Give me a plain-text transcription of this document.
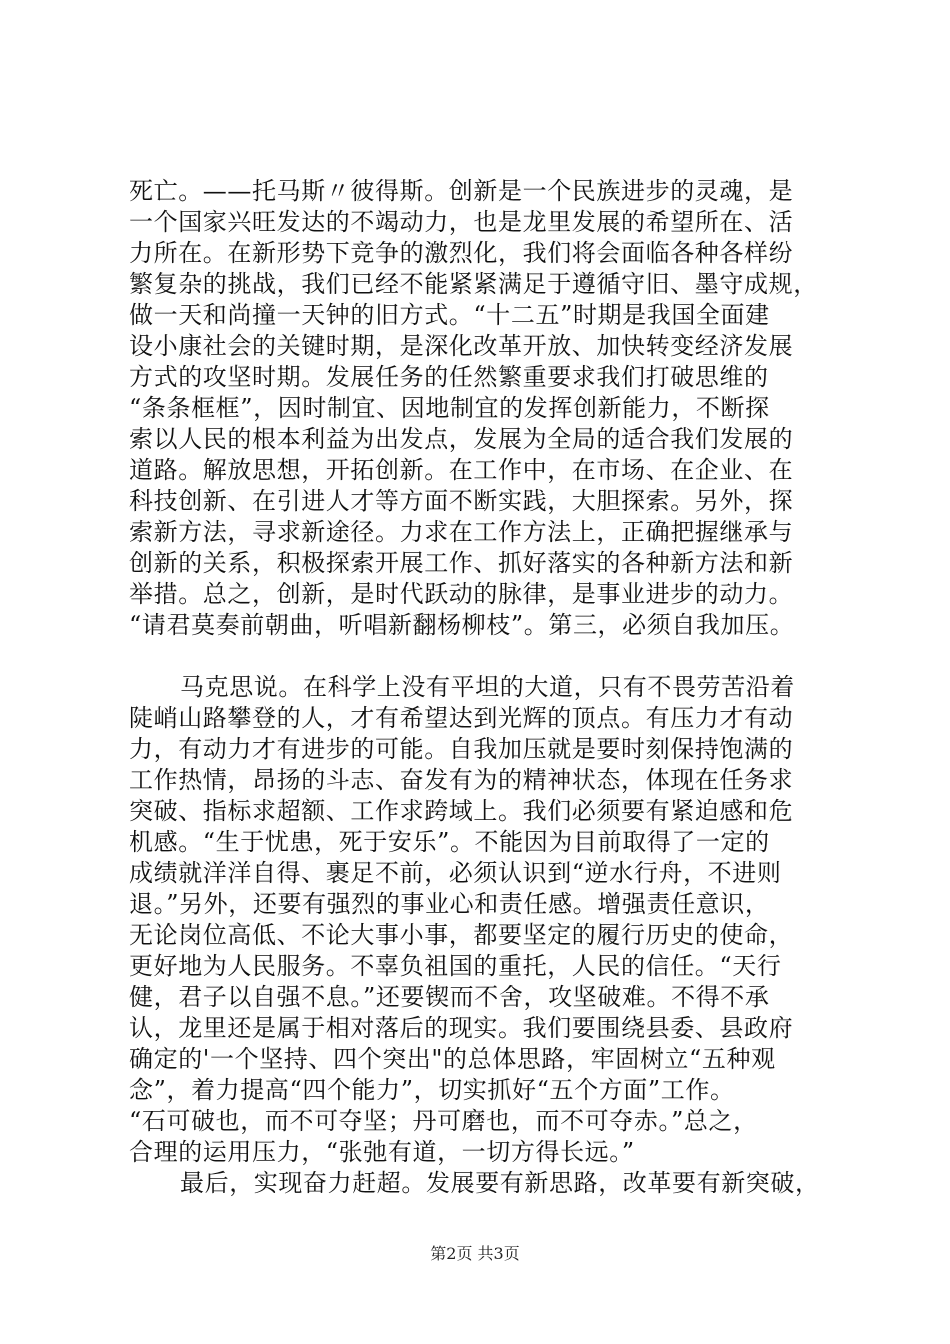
死亡。——托马斯〃彼得斯。创新是一个民族进步的灵魂，是
一个国家兴旺发达的不竭动力，也是龙里发展的希望所在、活
力所在。在新形势下竞争的激烈化，我们将会面临各种各样纷
繁复杂的挑战，我们已经不能紧紧满足于遵循守旧、墨守成规，
做一天和尚撞一天钟的旧方式。“十二五”时期是我国全面建
设小康社会的关键时期，是深化改革开放、加快转变经济发展
方式的攻坚时期。发展任务的任然繁重要求我们打破思维的
“条条框框”，因时制宜、因地制宜的发挥创新能力，不断探
索以人民的根本利益为出发点，发展为全局的适合我们发展的
道路。解放思想，开拓创新。在工作中，在市场、在企业、在
科技创新、在引进人才等方面不断实践，大胆探索。另外，探
索新方法，寻求新途径。力求在工作方法上，正确把握继承与
创新的关系，积极探索开展工作、抓好落实的各种新方法和新
举措。总之，创新，是时代跃动的脉律，是事业进步的动力。
“请君莫奏前朝曲，听唱新翻杨柳枝”。第三，必须自我加压。
马克思说。在科学上没有平坦的大道，只有不畏劳苦沿着
陡峭山路攀登的人，才有希望达到光辉的顶点。有压力才有动
力，有动力才有进步的可能。自我加压就是要时刻保持饱满的
工作热情，昂扬的斗志、奋发有为的精神状态，体现在任务求
突破、指标求超额、工作求跨域上。我们必须要有紧迫感和危
机感。“生于忧患，死于安乐”。不能因为目前取得了一定的
成绩就洋洋自得、裹足不前，必须认识到“逆水行舟，不进则
退。”另外，还要有强烈的事业心和责任感。增强责任意识，
无论岗位高低、不论大事小事，都要坚定的履行历史的使命，
更好地为人民服务。不辜负祖国的重托，人民的信任。“天行
健，君子以自强不息。”还要锲而不舍，攻坚破难。不得不承
认，龙里还是属于相对落后的现实。我们要围绕县委、县政府
确定的'一个坚持、四个突出"的总体思路，牢固树立“五种观
念”，着力提高“四个能力”，切实抓好“五个方面”工作。
“石可破也，而不可夺坚；丹可磨也，而不可夺赤。”总之，
合理的运用压力，“张弛有道，一切方得长远。”
最后，实现奋力赶超。发展要有新思路，改革要有新突破，
第2页 共3页
